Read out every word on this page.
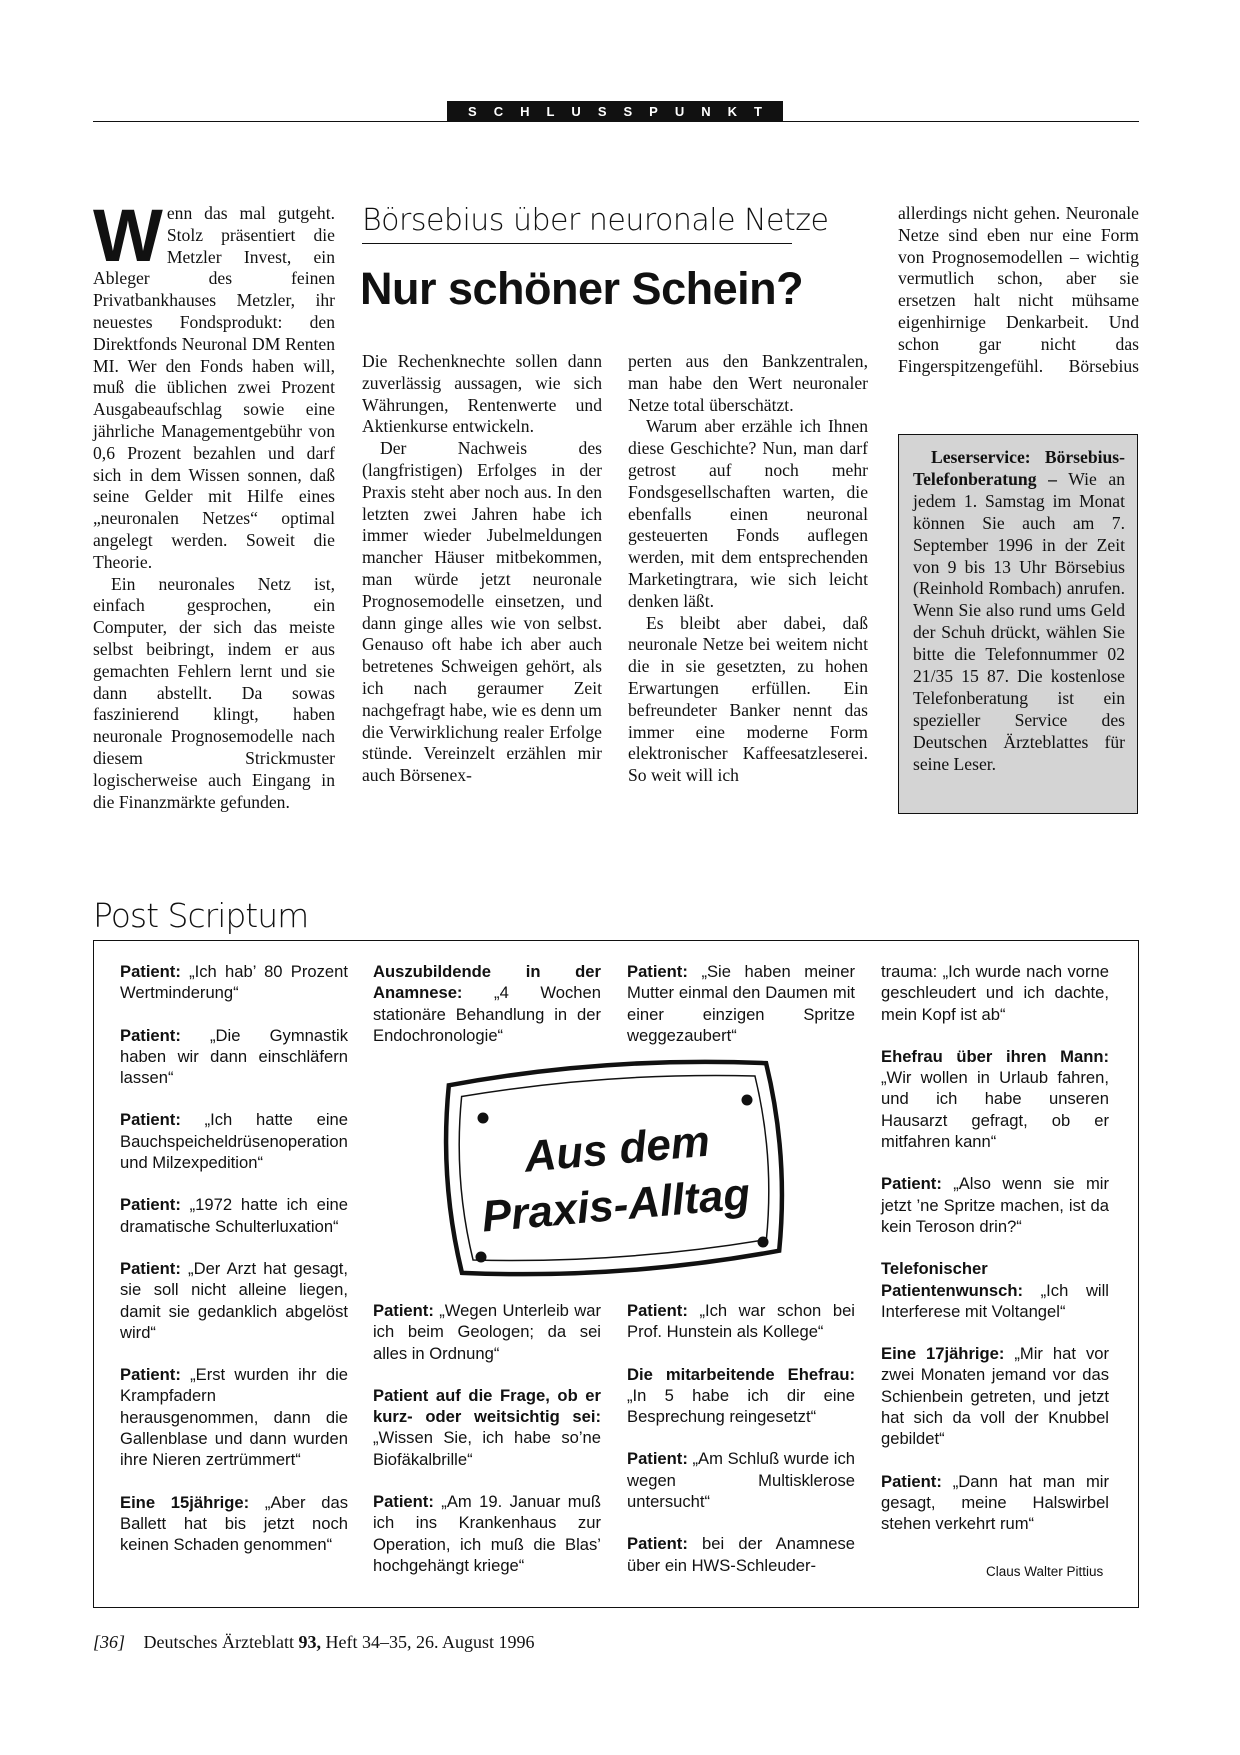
SCHLUSSPUNKT

Wenn das mal gutgeht. Stolz präsentiert die Metzler Invest, ein Ableger des feinen Privatbankhauses Metzler, ihr neuestes Fondsprodukt: den Direktfonds Neuronal DM Renten MI. Wer den Fonds haben will, muß die üblichen zwei Prozent Ausgabeaufschlag sowie eine jährliche Managementgebühr von 0,6 Prozent bezahlen und darf sich in dem Wissen sonnen, daß seine Gelder mit Hilfe eines „neuronalen Netzes“ optimal angelegt werden. Soweit die Theorie.

Ein neuronales Netz ist, einfach gesprochen, ein Computer, der sich das meiste selbst beibringt, indem er aus gemachten Fehlern lernt und sie dann abstellt. Da sowas faszinierend klingt, haben neuronale Prognosemodelle nach diesem Strickmuster logischerweise auch Eingang in die Finanzmärkte gefunden.

Börsebius über neuronale Netze
Nur schöner Schein?

Die Rechenknechte sollen dann zuverlässig aussagen, wie sich Währungen, Rentenwerte und Aktienkurse entwickeln.

Der Nachweis des (langfristigen) Erfolges in der Praxis steht aber noch aus. In den letzten zwei Jahren habe ich immer wieder Jubelmeldungen mancher Häuser mitbekommen, man würde jetzt neuronale Prognosemodelle einsetzen, und dann ginge alles wie von selbst. Genauso oft habe ich aber auch betretenes Schweigen gehört, als ich nach geraumer Zeit nachgefragt habe, wie es denn um die Verwirklichung realer Erfolge stünde. Vereinzelt erzählen mir auch Börsenex-

perten aus den Bankzentralen, man habe den Wert neuronaler Netze total überschätzt.

Warum aber erzähle ich Ihnen diese Geschichte? Nun, man darf getrost auf noch mehr Fondsgesellschaften warten, die ebenfalls einen neuronal gesteuerten Fonds auflegen werden, mit dem entsprechenden Marketingtrara, wie sich leicht denken läßt.

Es bleibt aber dabei, daß neuronale Netze bei weitem nicht die in sie gesetzten, zu hohen Erwartungen erfüllen. Ein befreundeter Banker nennt das immer eine moderne Form elektronischer Kaffeesatzleserei. So weit will ich

allerdings nicht gehen. Neuronale Netze sind eben nur eine Form von Prognosemodellen – wichtig vermutlich schon, aber sie ersetzen halt nicht mühsame eigenhirnige Denkarbeit. Und schon gar nicht das Fingerspitzengefühl. Börsebius

Leserservice: Börsebius-Telefonberatung – Wie an jedem 1. Samstag im Monat können Sie auch am 7. September 1996 in der Zeit von 9 bis 13 Uhr Börsebius (Reinhold Rombach) anrufen. Wenn Sie also rund ums Geld der Schuh drückt, wählen Sie bitte die Telefonnummer 02 21/35 15 87. Die kostenlose Telefonberatung ist ein spezieller Service des Deutschen Ärzteblattes für seine Leser.

Post Scriptum

Patient: „Ich hab’ 80 Prozent Wertminderung“

Patient: „Die Gymnastik haben wir dann einschläfern lassen“

Patient: „Ich hatte eine Bauchspeicheldrüsenoperation und Milzexpedition“

Patient: „1972 hatte ich eine dramatische Schulterluxation“

Patient: „Der Arzt hat gesagt, sie soll nicht alleine liegen, damit sie gedanklich abgelöst wird“

Patient: „Erst wurden ihr die Krampfadern herausgenommen, dann die Gallenblase und dann wurden ihre Nieren zertrümmert“

Eine 15jährige: „Aber das Ballett hat bis jetzt noch keinen Schaden genommen“

Auszubildende in der Anamnese: „4 Wochen stationäre Behandlung in der Endochronologie“

Patient: „Sie haben meiner Mutter einmal den Daumen mit einer einzigen Spritze weggezaubert“

Patient: „Wegen Unterleib war ich beim Geologen; da sei alles in Ordnung“

Patient auf die Frage, ob er kurz- oder weitsichtig sei: „Wissen Sie, ich habe so’ne Biofäkalbrille“

Patient: „Am 19. Januar muß ich ins Krankenhaus zur Operation, ich muß die Blas’ hochgehängt kriege“

Patient: „Ich war schon bei Prof. Hunstein als Kollege“

Die mitarbeitende Ehefrau: „In 5 habe ich dir eine Besprechung reingesetzt“

Patient: „Am Schluß wurde ich wegen Multisklerose untersucht“

Patient: bei der Anamnese über ein HWS-Schleuder-

trauma: „Ich wurde nach vorne geschleudert und ich dachte, mein Kopf ist ab“

Ehefrau über ihren Mann: „Wir wollen in Urlaub fahren, und ich habe unseren Hausarzt gefragt, ob er mitfahren kann“

Patient: „Also wenn sie mir jetzt ’ne Spritze machen, ist da kein Teroson drin?“

Telefonischer Patientenwunsch: „Ich will Interferese mit Voltangel“

Eine 17jährige: „Mir hat vor zwei Monaten jemand vor das Schienbein getreten, und jetzt hat sich da voll der Knubbel gebildet“

Patient: „Dann hat man mir gesagt, meine Halswirbel stehen verkehrt rum“

Aus dem
Praxis-Alltag
Claus Walter Pittius
[36] Deutsches Ärzteblatt 93, Heft 34–35, 26. August 1996
